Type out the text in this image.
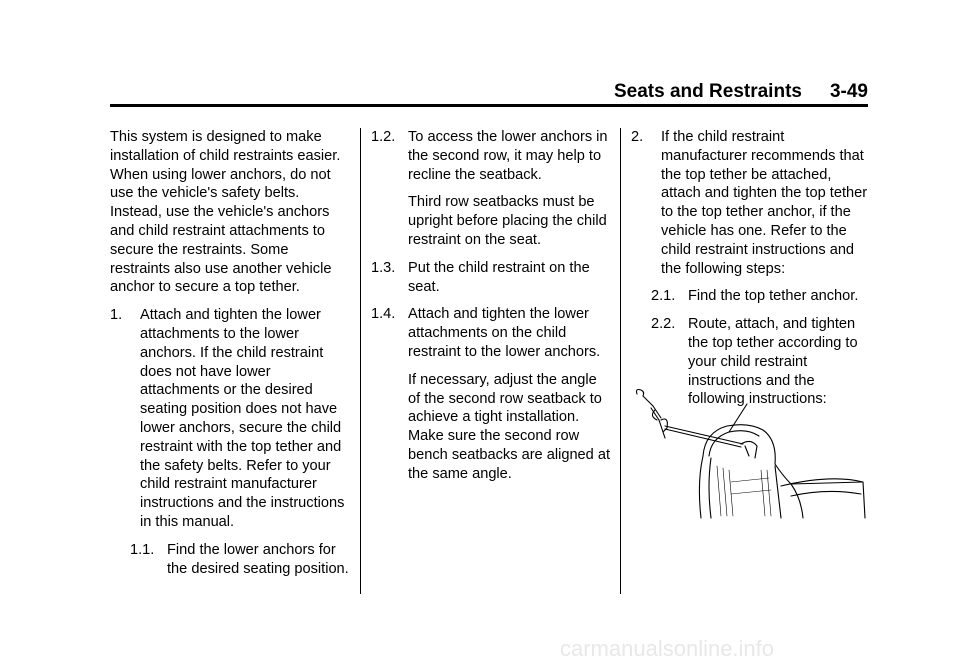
Seats and Restraints 3-49

This system is designed to make installation of child restraints easier. When using lower anchors, do not use the vehicle's safety belts. Instead, use the vehicle's anchors and child restraint attachments to secure the restraints. Some restraints also use another vehicle anchor to secure a top tether.

1.	Attach and tighten the lower attachments to the lower anchors. If the child restraint does not have lower attachments or the desired seating position does not have lower anchors, secure the child restraint with the top tether and the safety belts. Refer to your child restraint manufacturer instructions and the instructions in this manual.
1.1. Find the lower anchors for the desired seating position.
1.2. To access the lower anchors in the second row, it may help to recline the seatback.

Third row seatbacks must be upright before placing the child restraint on the seat.

1.3. Put the child restraint on the seat.
1.4. Attach and tighten the lower attachments on the child restraint to the lower anchors.

If necessary, adjust the angle of the second row seatback to achieve a tight installation. Make sure the second row bench seatbacks are aligned at the same angle.

2.	If the child restraint manufacturer recommends that the top tether be attached, attach and tighten the top tether to the top tether anchor, if the vehicle has one. Refer to the child restraint instructions and the following steps:
2.1. Find the top tether anchor.
2.2. Route, attach, and tighten the top tether according to your child restraint instructions and the following instructions:
carmanualsonline.info
